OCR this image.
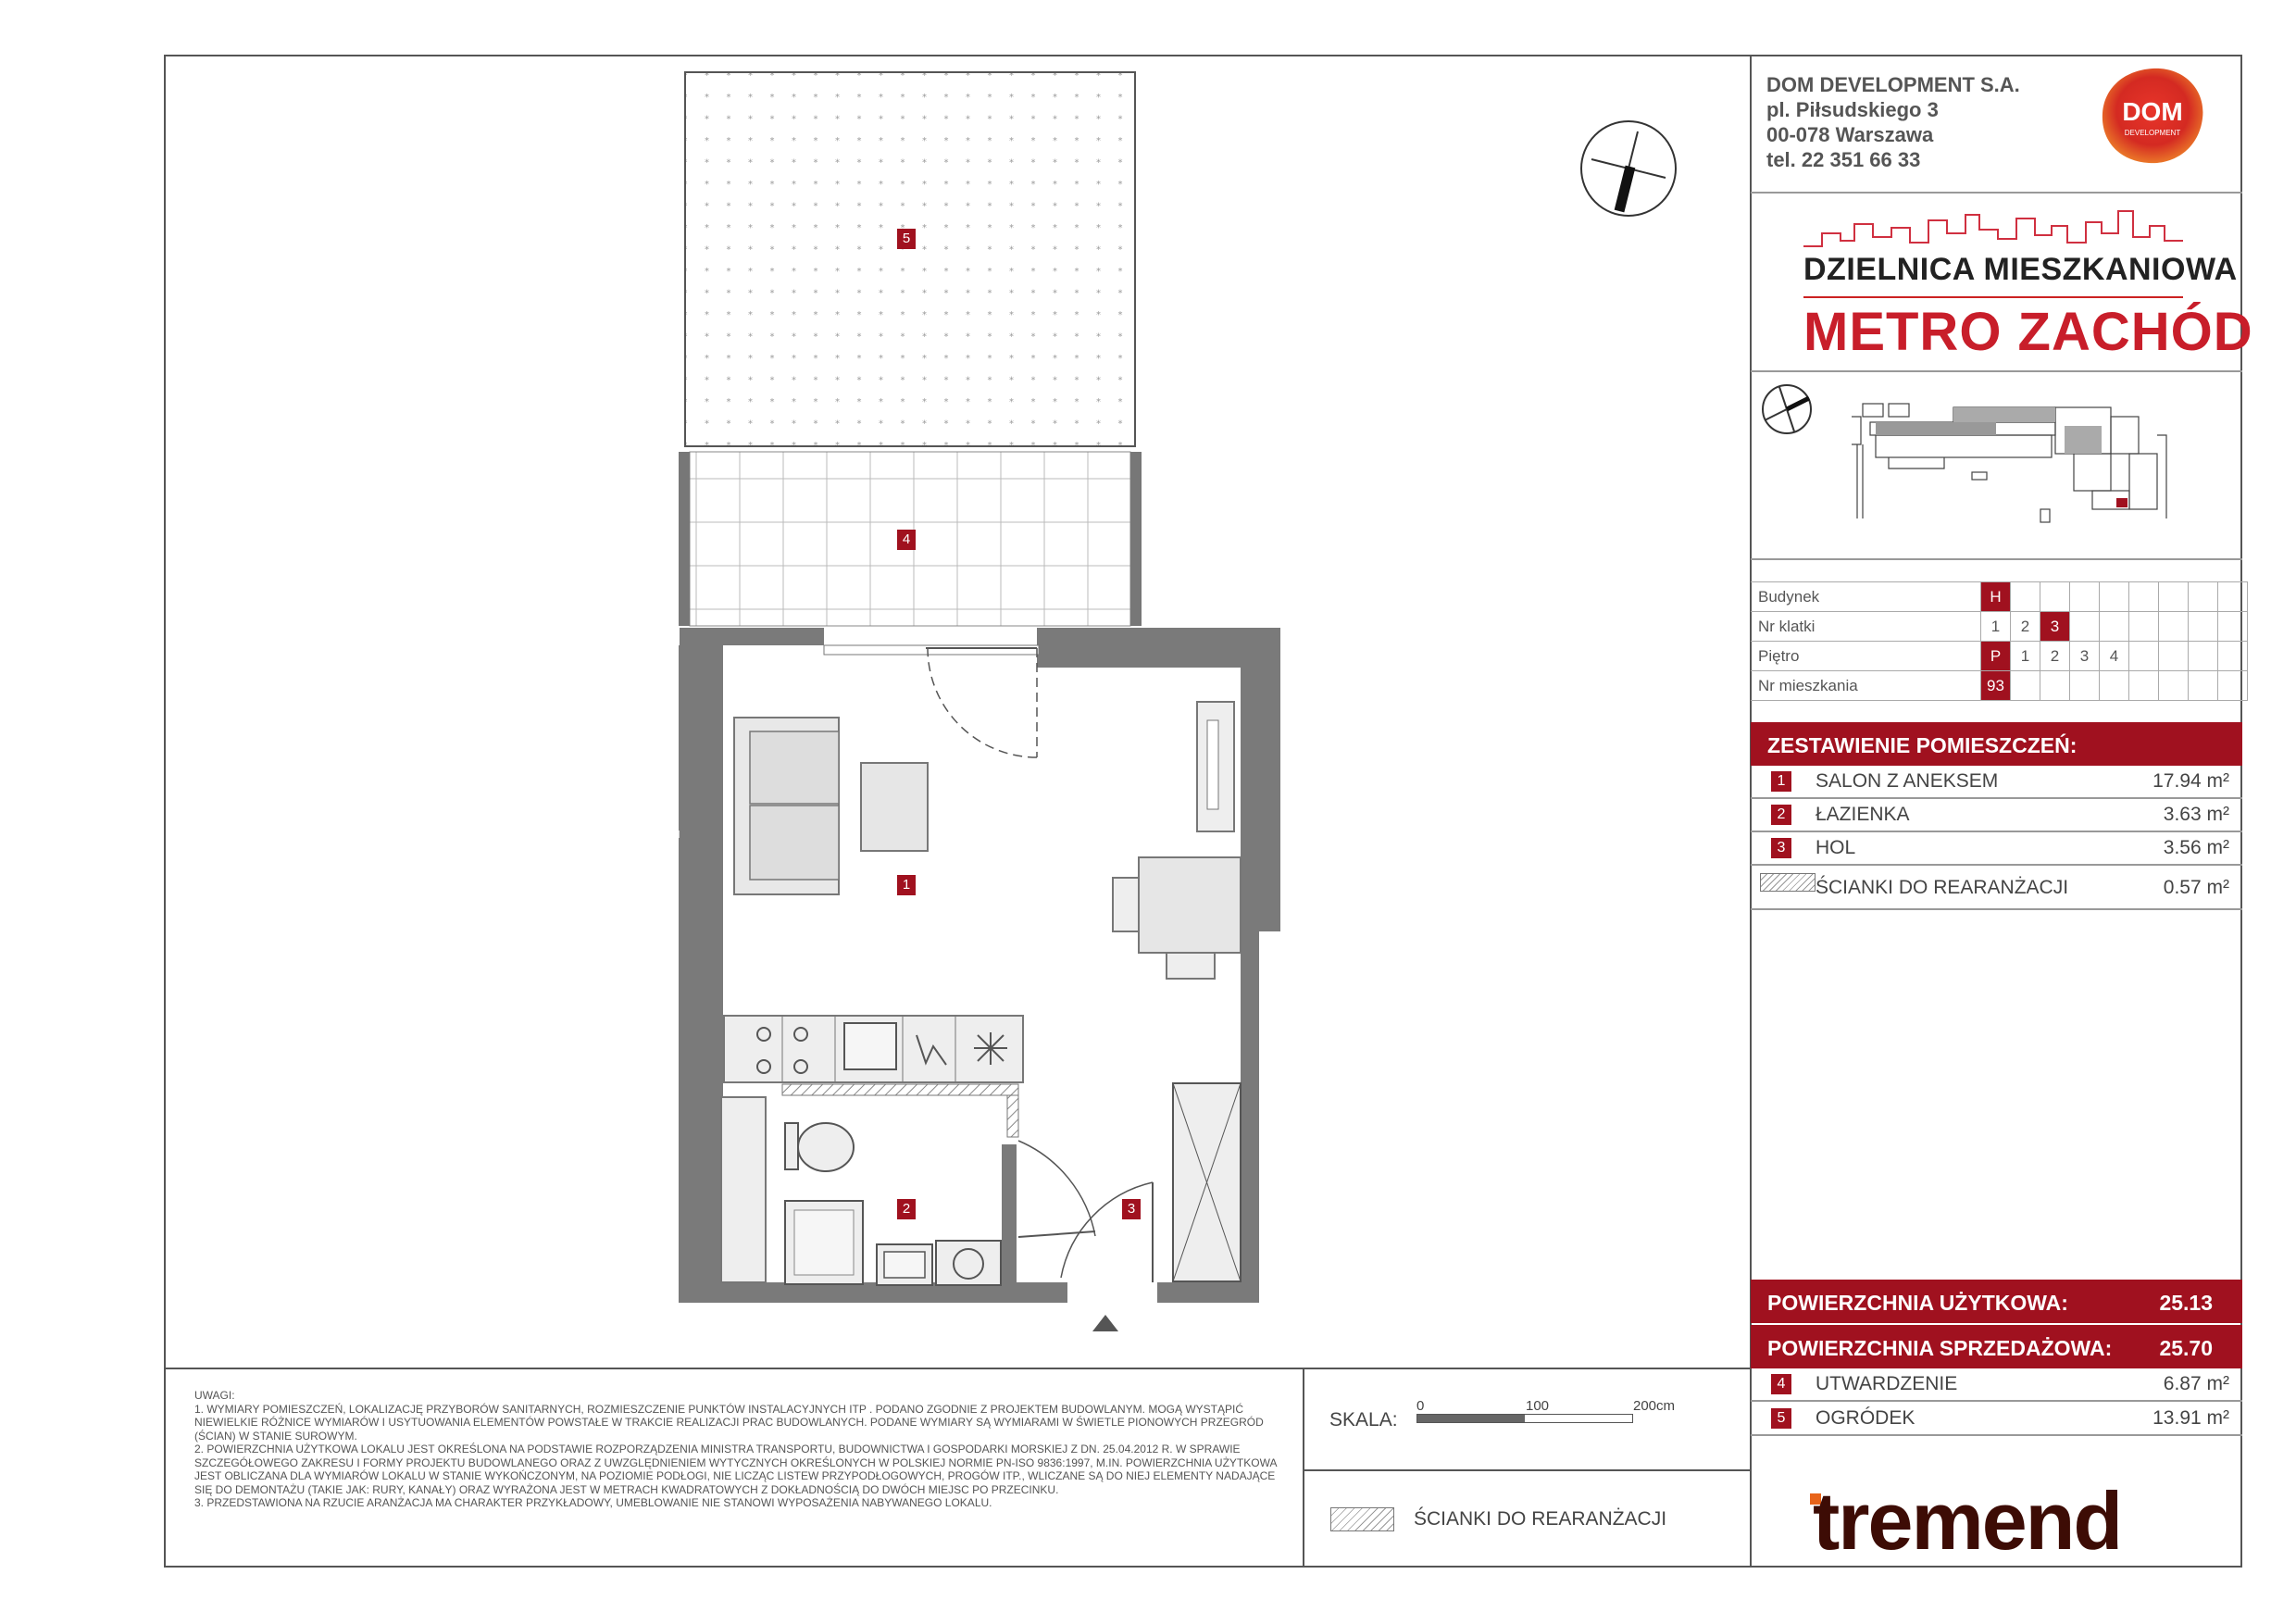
5
4
1
2	3
DOM DEVELOPMENT S.A.
pl. Piłsudskiego 3
00-078 Warszawa
tel. 22 351 66 33
DOM
DEVELOPMENT
DZIELNICA MIESZKANIOWA
METRO ZACHÓD
Budynek	H								
Nr klatki	1	2	3						
Piętro	P	1	2	3	4				
Nr mieszkania	93								
ZESTAWIENIE POMIESZCZEŃ:
1	SALON Z ANEKSEM	17.94 m²
2	ŁAZIENKA	3.63 m²
3	HOL	3.56 m²
ŚCIANKI DO REARANŻACJI	0.57 m²
POWIERZCHNIA UŻYTKOWA:	25.13
POWIERZCHNIA SPRZEDAŻOWA: 25.70
4	UTWARDZENIE	6.87 m²
5	OGRÓDEK	13.91 m²

UWAGI:

1. WYMIARY POMIESZCZEŃ, LOKALIZACJĘ PRZYBORÓW SANITARNYCH, ROZMIESZCZENIE PUNKTÓW INSTALACYJNYCH ITP . PODANO ZGODNIE Z PROJEKTEM BUDOWLANYM. MOGĄ WYSTĄPIĆ NIEWIELKIE RÓŻNICE WYMIARÓW I USYTUOWANIA ELEMENTÓW POWSTAŁE W TRAKCIE REALIZACJI PRAC BUDOWLANYCH. PODANE WYMIARY SĄ WYMIARAMI W ŚWIETLE PIONOWYCH PRZEGRÓD (ŚCIAN) W STANIE SUROWYM.

2. POWIERZCHNIA UŻYTKOWA LOKALU JEST OKREŚLONA NA PODSTAWIE ROZPORZĄDZENIA MINISTRA TRANSPORTU, BUDOWNICTWA I GOSPODARKI MORSKIEJ Z DN. 25.04.2012 R. W SPRAWIE SZCZEGÓŁOWEGO ZAKRESU I FORMY PROJEKTU BUDOWLANEGO ORAZ Z UWZGLĘDNIENIEM WYTYCZNYCH OKREŚLONYCH W POLSKIEJ NORMIE PN-ISO 9836:1997, M.IN. POWIERZCHNIA UŻYTKOWA JEST OBLICZANA DLA WYMIARÓW LOKALU W STANIE WYKOŃCZONYM, NA POZIOMIE PODŁOGI, NIE LICZĄC LISTEW PRZYPODŁOGOWYCH, PROGÓW ITP., WLICZANE SĄ DO NIEJ ELEMENTY NADAJĄCE SIĘ DO DEMONTAŻU (TAKIE JAK: RURY, KANAŁY) ORAZ WYRAŻONA JEST W METRACH KWADRATOWYCH Z DOKŁADNOŚCIĄ DO DWÓCH MIEJSC PO PRZECINKU.

3. PRZEDSTAWIONA NA RZUCIE ARANŻACJA MA CHARAKTER PRZYKŁADOWY, UMEBLOWANIE NIE STANOWI WYPOSAŻENIA NABYWANEGO LOKALU.

SKALA:
0	100	200cm
ŚCIANKI DO REARANŻACJI tremend
